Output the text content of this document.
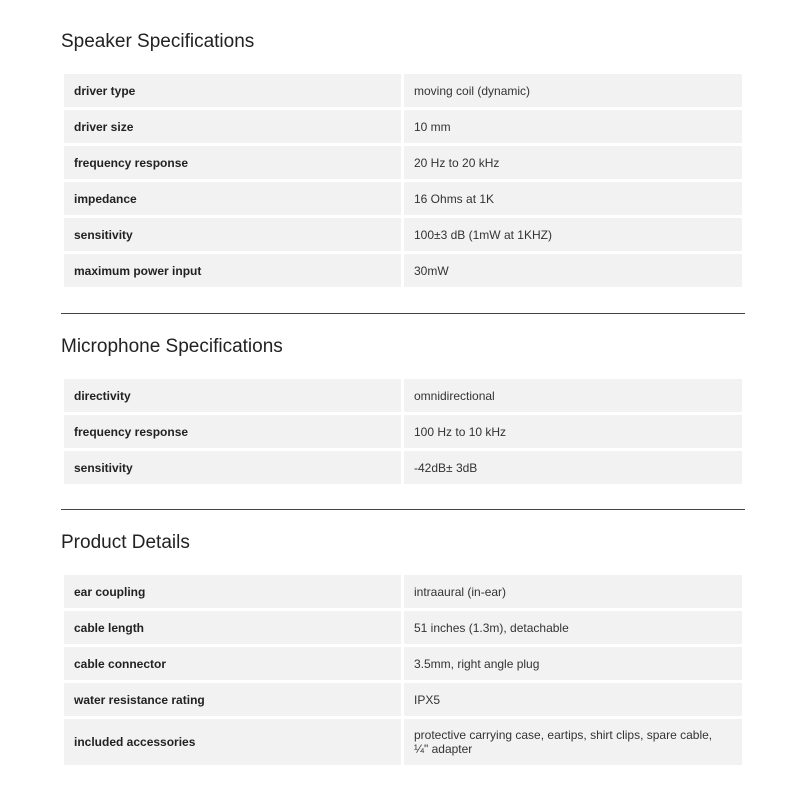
Speaker Specifications
driver type	moving coil (dynamic)
driver size	10 mm
frequency response	20 Hz to 20 kHz
impedance	16 Ohms at 1K
sensitivity	100±3 dB (1mW at 1KHZ)
maximum power input	30mW
Microphone Specifications
directivity	omnidirectional
frequency response	100 Hz to 10 kHz
sensitivity	-42dB± 3dB
Product Details
ear coupling	intraaural (in-ear)
cable length	51 inches (1.3m), detachable
cable connector	3.5mm, right angle plug
water resistance rating	IPX5
included accessories	protective carrying case, eartips, shirt clips, spare cable, ¼" adapter
